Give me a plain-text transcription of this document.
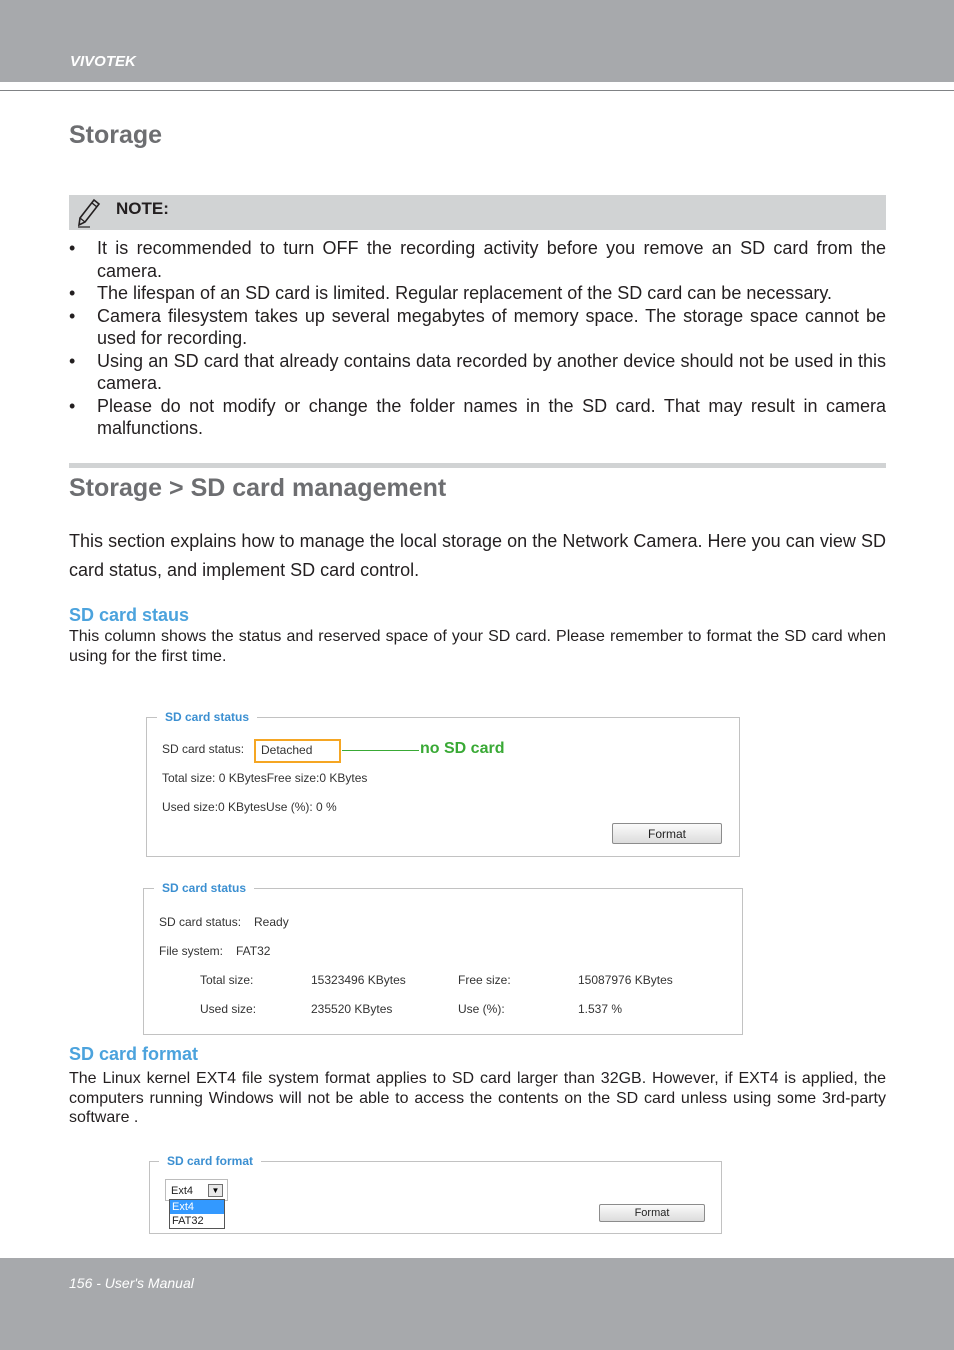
VIVOTEK
Storage
NOTE:
• It is recommended to turn OFF the recording activity before you remove an SD card from the camera.
• The lifespan of an SD card is limited. Regular replacement of the SD card can be necessary.
• Camera filesystem takes up several megabytes of memory space. The storage space cannot be used for recording.
• Using an SD card that already contains data recorded by another device should not be used in this camera.
• Please do not modify or change the folder names in the SD card. That may result in camera malfunctions.
Storage > SD card management

This section explains how to manage the local storage on the Network Camera. Here you can view SD card status, and implement SD card control.

SD card staus

This column shows the status and reserved space of your SD card. Please remember to format the SD card when using for the first time.

SD card status
SD card status:	Detached	no SD card
Total size: 0 KBytesFree size:0 KBytes
Used size:0 KBytesUse (%): 0 %
Format
SD card status
SD card status: Ready
File system: FAT32
Total size:	15323496 KBytes	Free size:	15087976 KBytes
Used size:	235520 KBytes	Use (%):	1.537 %
SD card format

The Linux kernel EXT4 file system format applies to SD card larger than 32GB. However, if EXT4 is applied, the computers running Windows will not be able to access the contents on the SD card unless using some 3rd-party software .

SD card format
Ext4	▼
Ext4
FAT32
Format
156 - User's Manual
